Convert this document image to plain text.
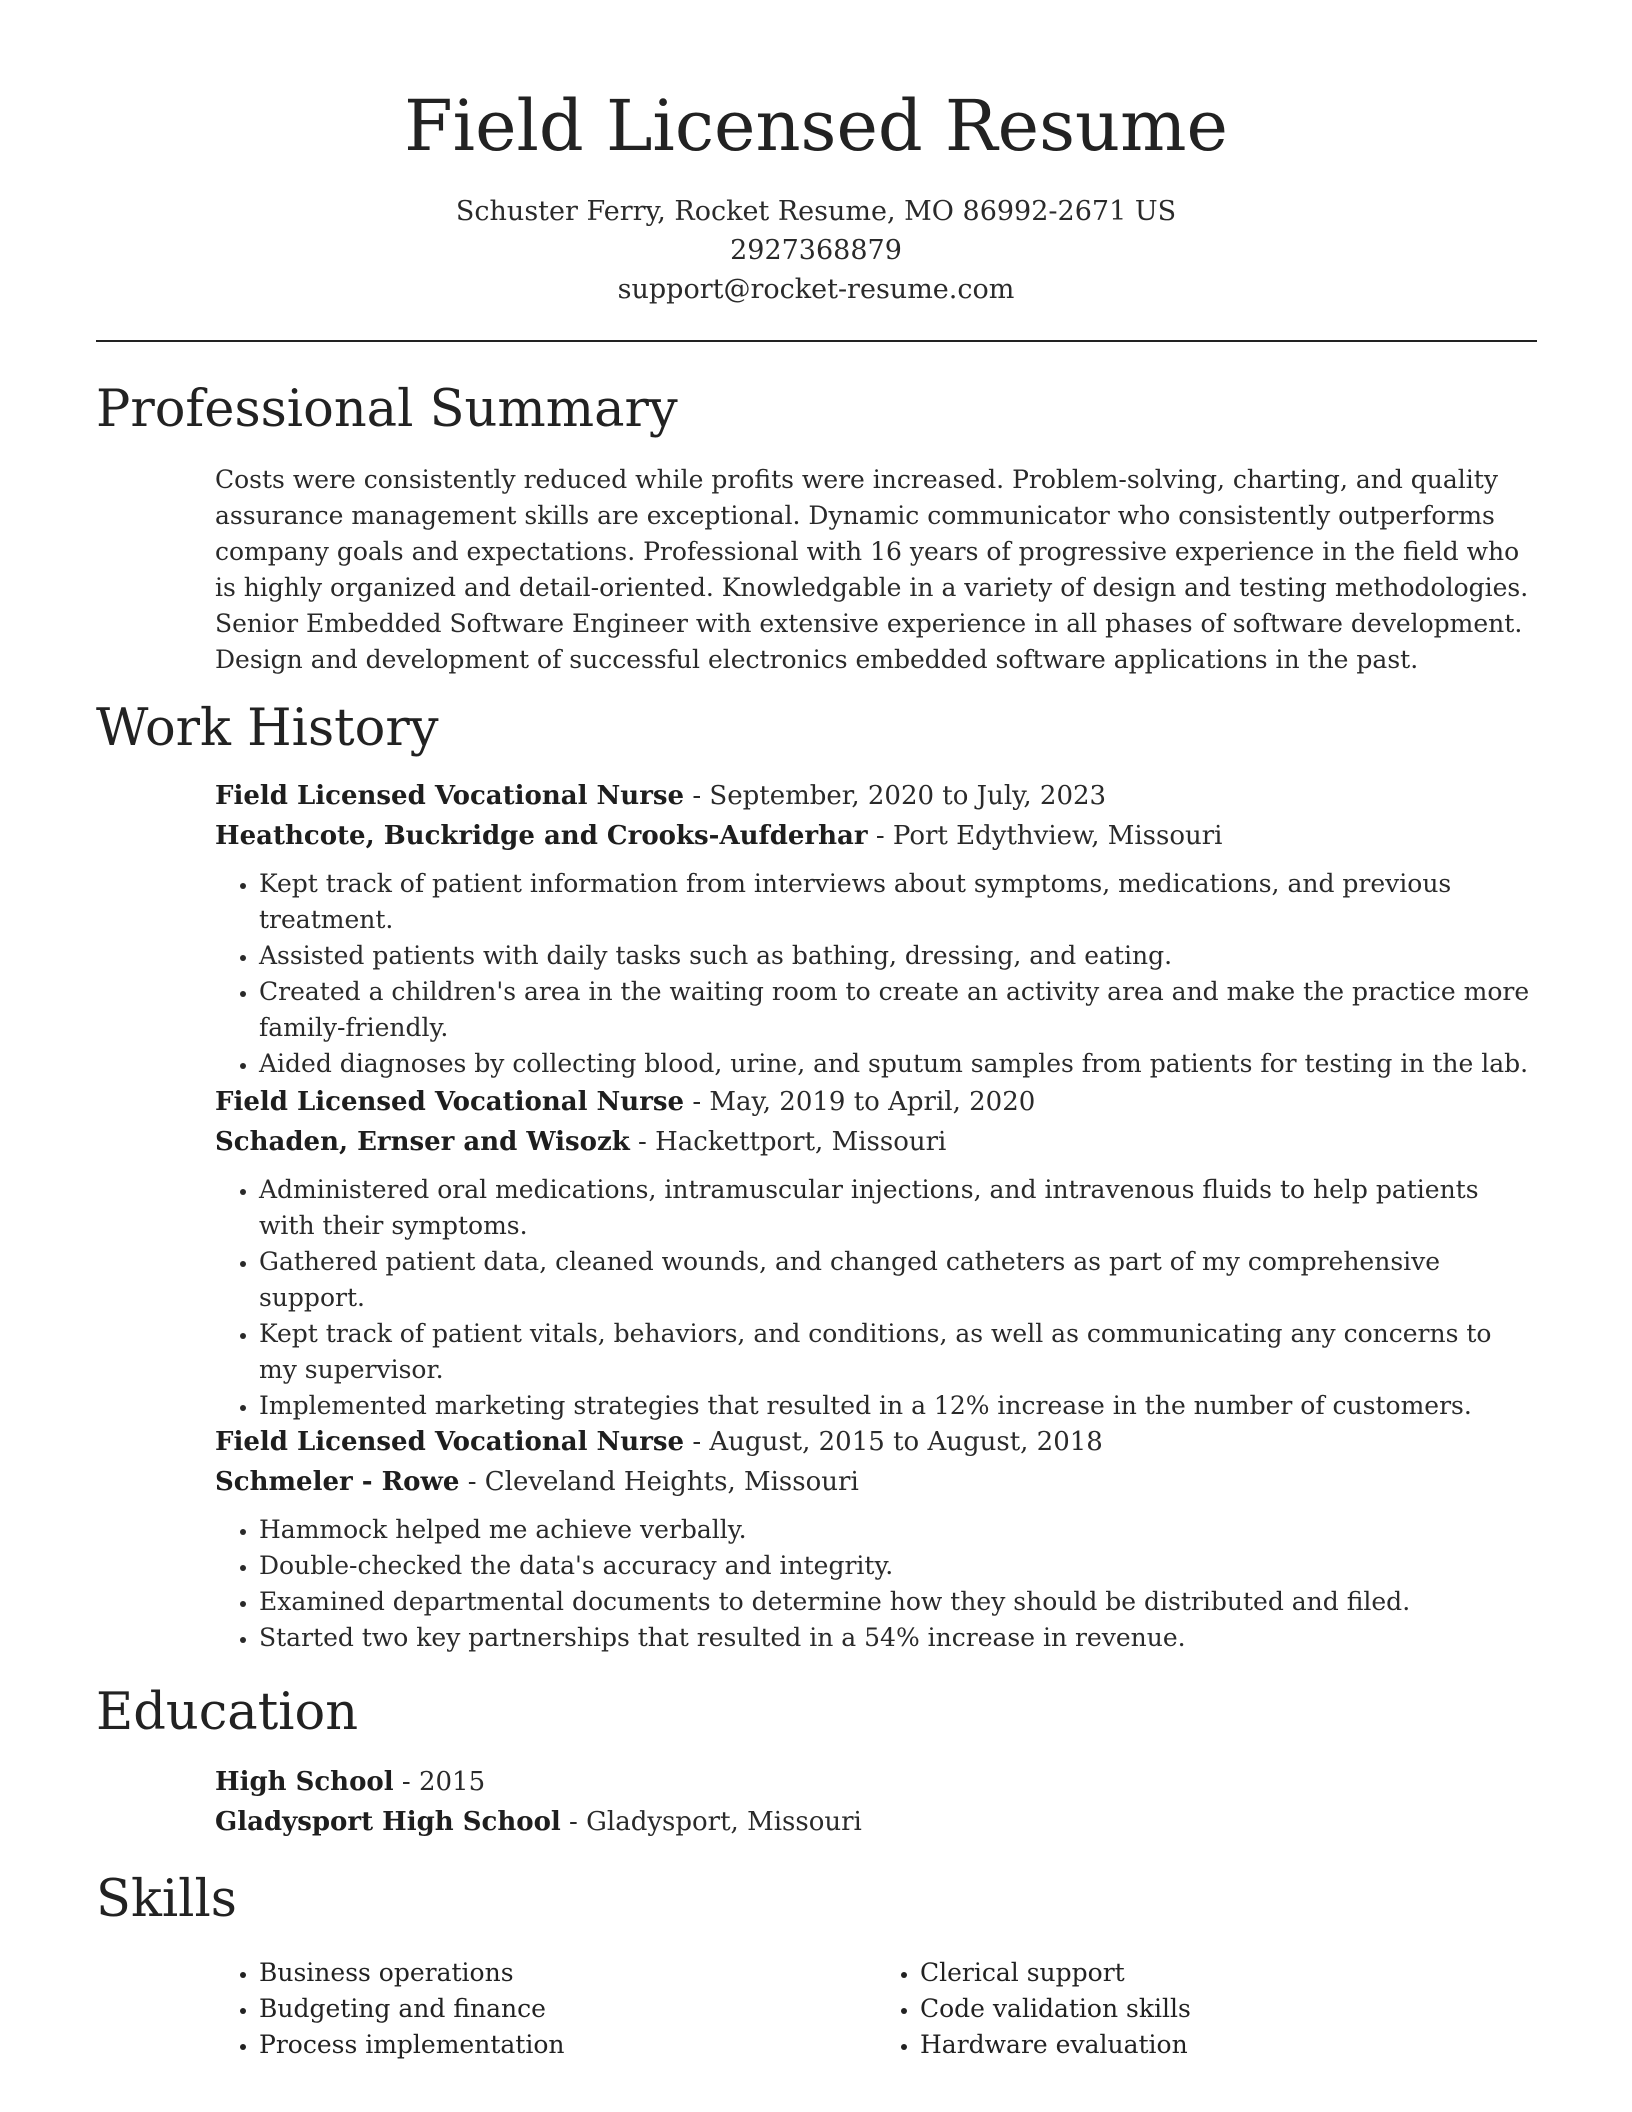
Field Licensed Resume
Schuster Ferry, Rocket Resume, MO 86992-2671 US
2927368879
support@rocket-resume.com
Professional Summary
Costs were consistently reduced while profits were increased. Problem-solving, charting, and quality assurance management skills are exceptional. Dynamic communicator who consistently outperforms company goals and expectations. Professional with 16 years of progressive experience in the field who is highly organized and detail-oriented. Knowledgable in a variety of design and testing methodologies. Senior Embedded Software Engineer with extensive experience in all phases of software development. Design and development of successful electronics embedded software applications in the past.
Work History
Field Licensed Vocational Nurse - September, 2020 to July, 2023
Heathcote, Buckridge and Crooks-Aufderhar - Port Edythview, Missouri
• Kept track of patient information from interviews about symptoms, medications, and previous treatment.
• Assisted patients with daily tasks such as bathing, dressing, and eating.
• Created a children's area in the waiting room to create an activity area and make the practice more family-friendly.
• Aided diagnoses by collecting blood, urine, and sputum samples from patients for testing in the lab.
Field Licensed Vocational Nurse - May, 2019 to April, 2020
Schaden, Ernser and Wisozk - Hackettport, Missouri
• Administered oral medications, intramuscular injections, and intravenous fluids to help patients with their symptoms.
• Gathered patient data, cleaned wounds, and changed catheters as part of my comprehensive support.
• Kept track of patient vitals, behaviors, and conditions, as well as communicating any concerns to my supervisor.
• Implemented marketing strategies that resulted in a 12% increase in the number of customers.
Field Licensed Vocational Nurse - August, 2015 to August, 2018
Schmeler - Rowe - Cleveland Heights, Missouri
• Hammock helped me achieve verbally.
• Double-checked the data's accuracy and integrity.
• Examined departmental documents to determine how they should be distributed and filed.
• Started two key partnerships that resulted in a 54% increase in revenue.
Education
High School - 2015
Gladysport High School - Gladysport, Missouri
Skills
• Business operations
• Budgeting and finance
• Process implementation
• Clerical support
• Code validation skills
• Hardware evaluation
